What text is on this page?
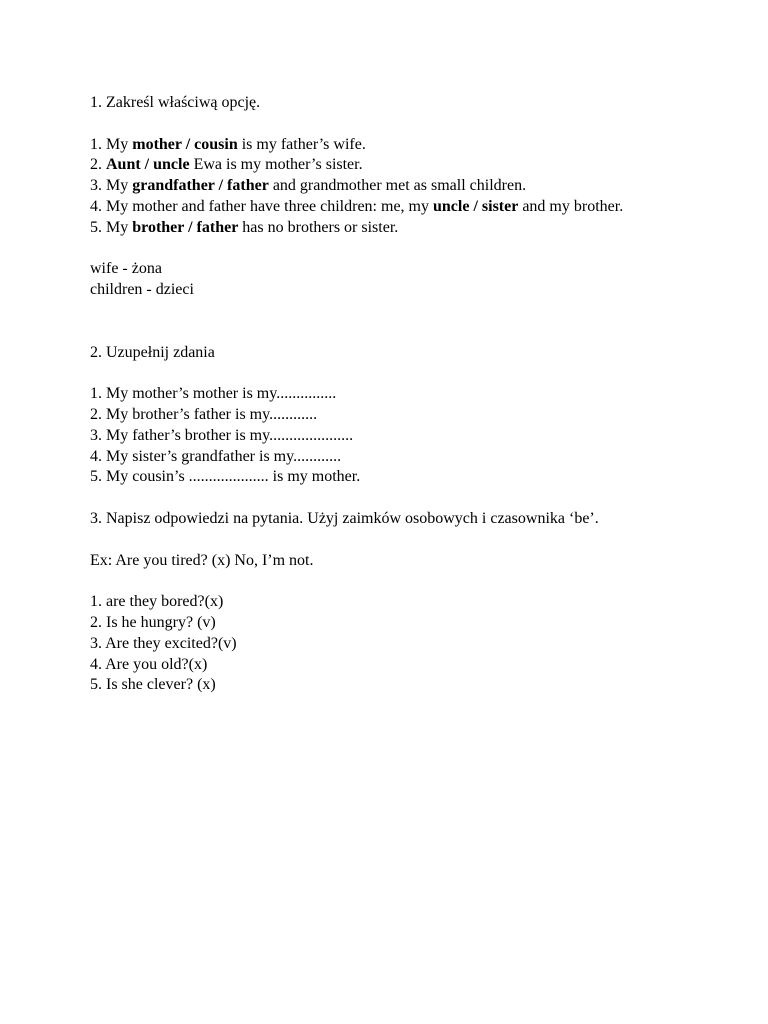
1. Zakreśl właściwą opcję.
1. My mother / cousin is my father’s wife.
2. Aunt / uncle Ewa is my mother’s sister.
3. My grandfather / father and grandmother met as small children.
4. My mother and father have three children: me, my uncle / sister and my brother.
5. My brother / father has no brothers or sister.
wife - żona
children - dzieci
2. Uzupełnij zdania
1. My mother’s mother is my...............
2. My brother’s father is my............
3. My father’s brother is my.....................
4. My sister’s grandfather is my............
5. My cousin’s .................... is my mother.
3. Napisz odpowiedzi na pytania. Użyj zaimków osobowych i czasownika ‘be’.
Ex: Are you tired? (x) No, I’m not.
1. are they bored?(x)
2. Is he hungry? (v)
3. Are they excited?(v)
4. Are you old?(x)
5. Is she clever? (x)
